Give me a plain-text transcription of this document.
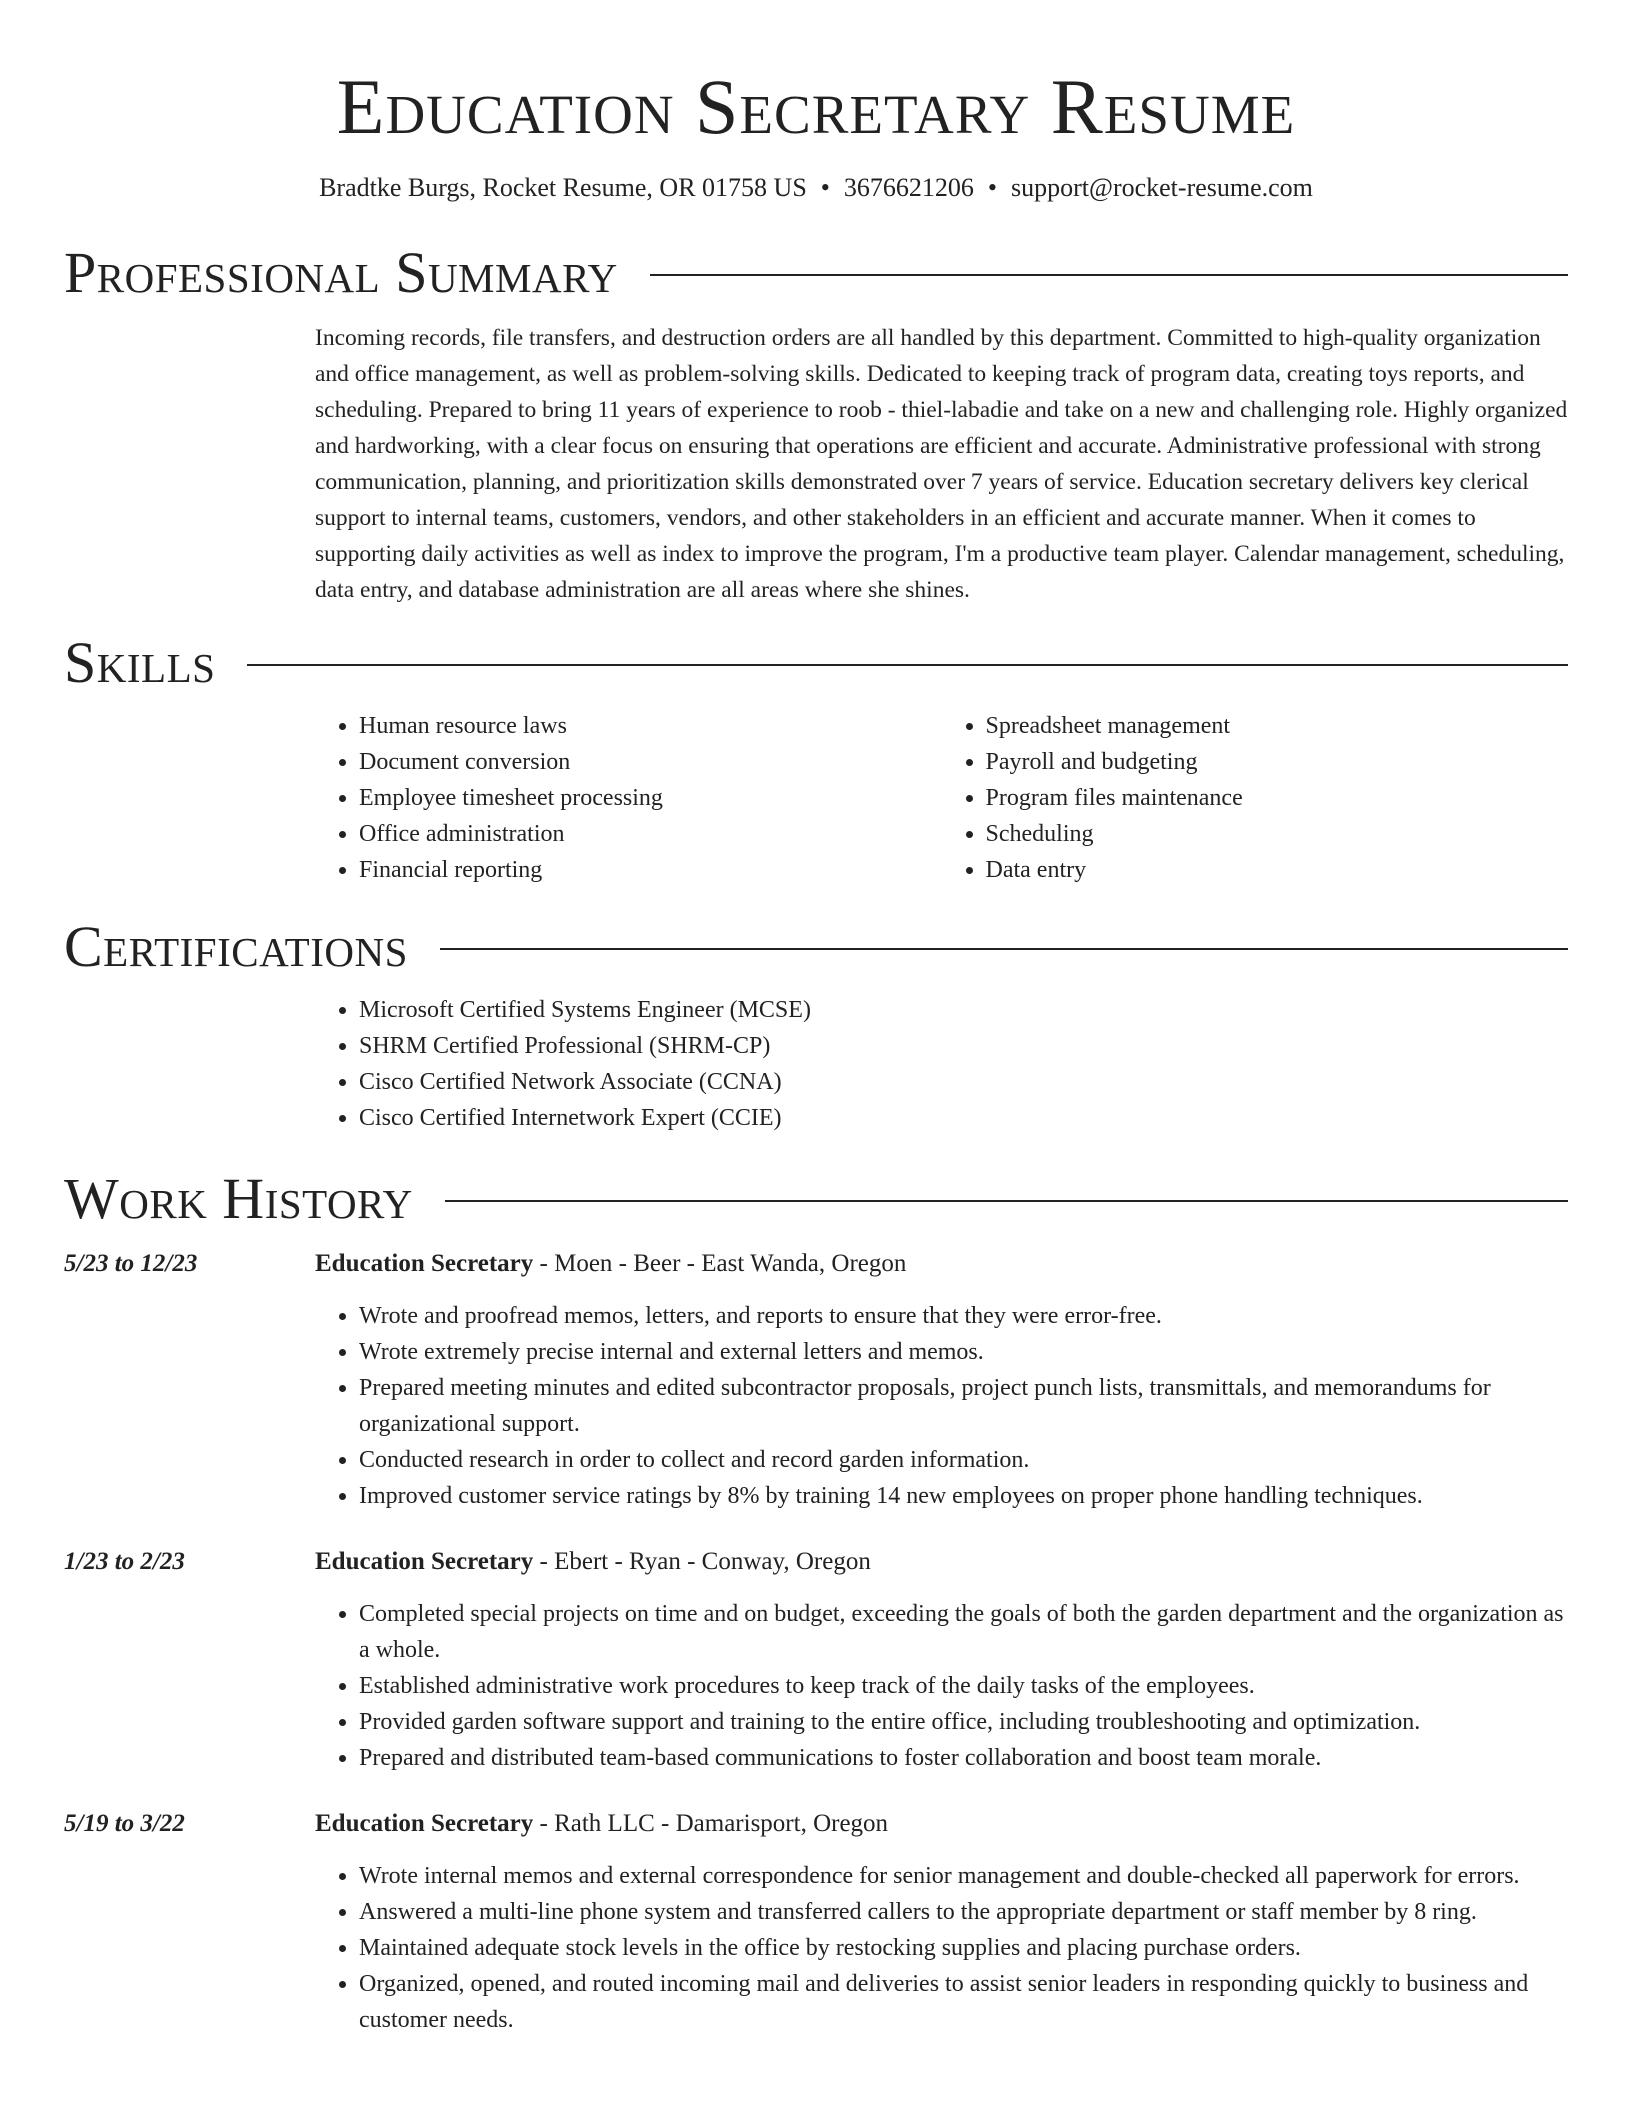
Education Secretary Resume
Bradtke Burgs, Rocket Resume, OR 01758 US • 3676621206 • support@rocket-resume.com
Professional Summary

Incoming records, file transfers, and destruction orders are all handled by this department. Committed to high-quality organization and office management, as well as problem-solving skills. Dedicated to keeping track of program data, creating toys reports, and scheduling. Prepared to bring 11 years of experience to roob - thiel-labadie and take on a new and challenging role. Highly organized and hardworking, with a clear focus on ensuring that operations are efficient and accurate. Administrative professional with strong communication, planning, and prioritization skills demonstrated over 7 years of service. Education secretary delivers key clerical support to internal teams, customers, vendors, and other stakeholders in an efficient and accurate manner. When it comes to supporting daily activities as well as index to improve the program, I'm a productive team player. Calendar management, scheduling, data entry, and database administration are all areas where she shines.

Skills
• Human resource laws
• Document conversion
• Employee timesheet processing
• Office administration
• Financial reporting
• Spreadsheet management
• Payroll and budgeting
• Program files maintenance
• Scheduling
• Data entry
Certifications
• Microsoft Certified Systems Engineer (MCSE)
• SHRM Certified Professional (SHRM-CP)
• Cisco Certified Network Associate (CCNA)
• Cisco Certified Internetwork Expert (CCIE)
Work History
5/23 to 12/23	Education Secretary - Moen - Beer - East Wanda, Oregon
• Wrote and proofread memos, letters, and reports to ensure that they were error-free.
• Wrote extremely precise internal and external letters and memos.
• Prepared meeting minutes and edited subcontractor proposals, project punch lists, transmittals, and memorandums for organizational support.
• Conducted research in order to collect and record garden information.
• Improved customer service ratings by 8% by training 14 new employees on proper phone handling techniques.
1/23 to 2/23	Education Secretary - Ebert - Ryan - Conway, Oregon
• Completed special projects on time and on budget, exceeding the goals of both the garden department and the organization as a whole.
• Established administrative work procedures to keep track of the daily tasks of the employees.
• Provided garden software support and training to the entire office, including troubleshooting and optimization.
• Prepared and distributed team-based communications to foster collaboration and boost team morale.
5/19 to 3/22	Education Secretary - Rath LLC - Damarisport, Oregon
• Wrote internal memos and external correspondence for senior management and double-checked all paperwork for errors.
• Answered a multi-line phone system and transferred callers to the appropriate department or staff member by 8 ring.
• Maintained adequate stock levels in the office by restocking supplies and placing purchase orders.
• Organized, opened, and routed incoming mail and deliveries to assist senior leaders in responding quickly to business and customer needs.
